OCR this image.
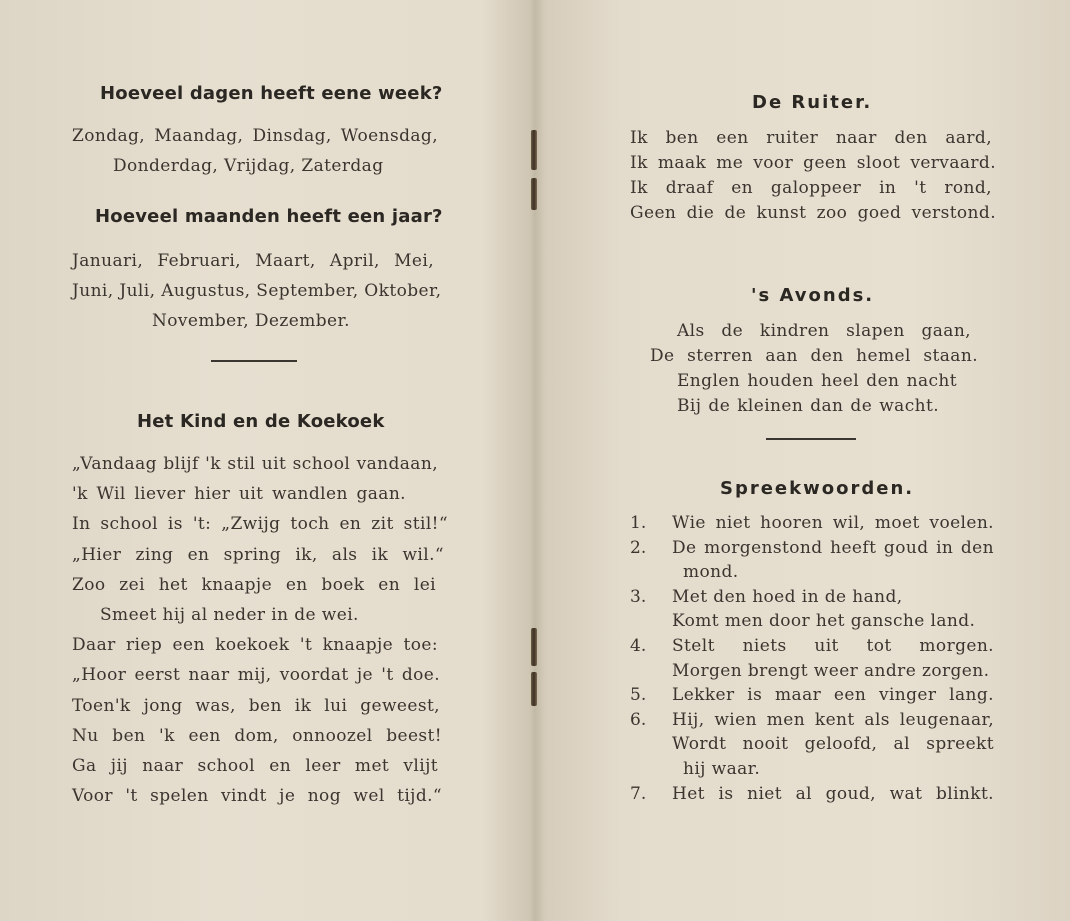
Hoeveel dagen heeft eene week?
Zondag, Maandag, Dinsdag, Woensdag,
Donderdag, Vrijdag, Zaterdag
Hoeveel maanden heeft een jaar?
Januari, Februari, Maart, April, Mei,
Juni, Juli, Augustus, September, Oktober,
November, Dezember.
Het Kind en de Koekoek
„Vandaag blijf 'k stil uit school vandaan,
'k Wil liever hier uit wandlen gaan.
In school is 't: „Zwijg toch en zit stil!“
„Hier zing en spring ik, als ik wil.“
Zoo zei het knaapje en boek en lei
Smeet hij al neder in de wei.
Daar riep een koekoek 't knaapje toe:
„Hoor eerst naar mij, voordat je 't doe.
Toen'k jong was, ben ik lui geweest,
Nu ben 'k een dom, onnoozel beest!
Ga jij naar school en leer met vlijt
Voor 't spelen vindt je nog wel tijd.“
De Ruiter.
Ik ben een ruiter naar den aard,
Ik maak me voor geen sloot vervaard.
Ik draaf en galoppeer in 't rond,
Geen die de kunst zoo goed verstond.
's Avonds.
Als de kindren slapen gaan,
De sterren aan den hemel staan.
Englen houden heel den nacht
Bij de kleinen dan de wacht.
Spreekwoorden.
1. Wie niet hooren wil, moet voelen.
2. De morgenstond heeft goud in den
mond.
3. Met den hoed in de hand,
Komt men door het gansche land.
4. Stelt niets uit tot morgen.
Morgen brengt weer andre zorgen.
5. Lekker is maar een vinger lang.
6. Hij, wien men kent als leugenaar,
Wordt nooit geloofd, al spreekt
hij waar.
7. Het is niet al goud, wat blinkt.
